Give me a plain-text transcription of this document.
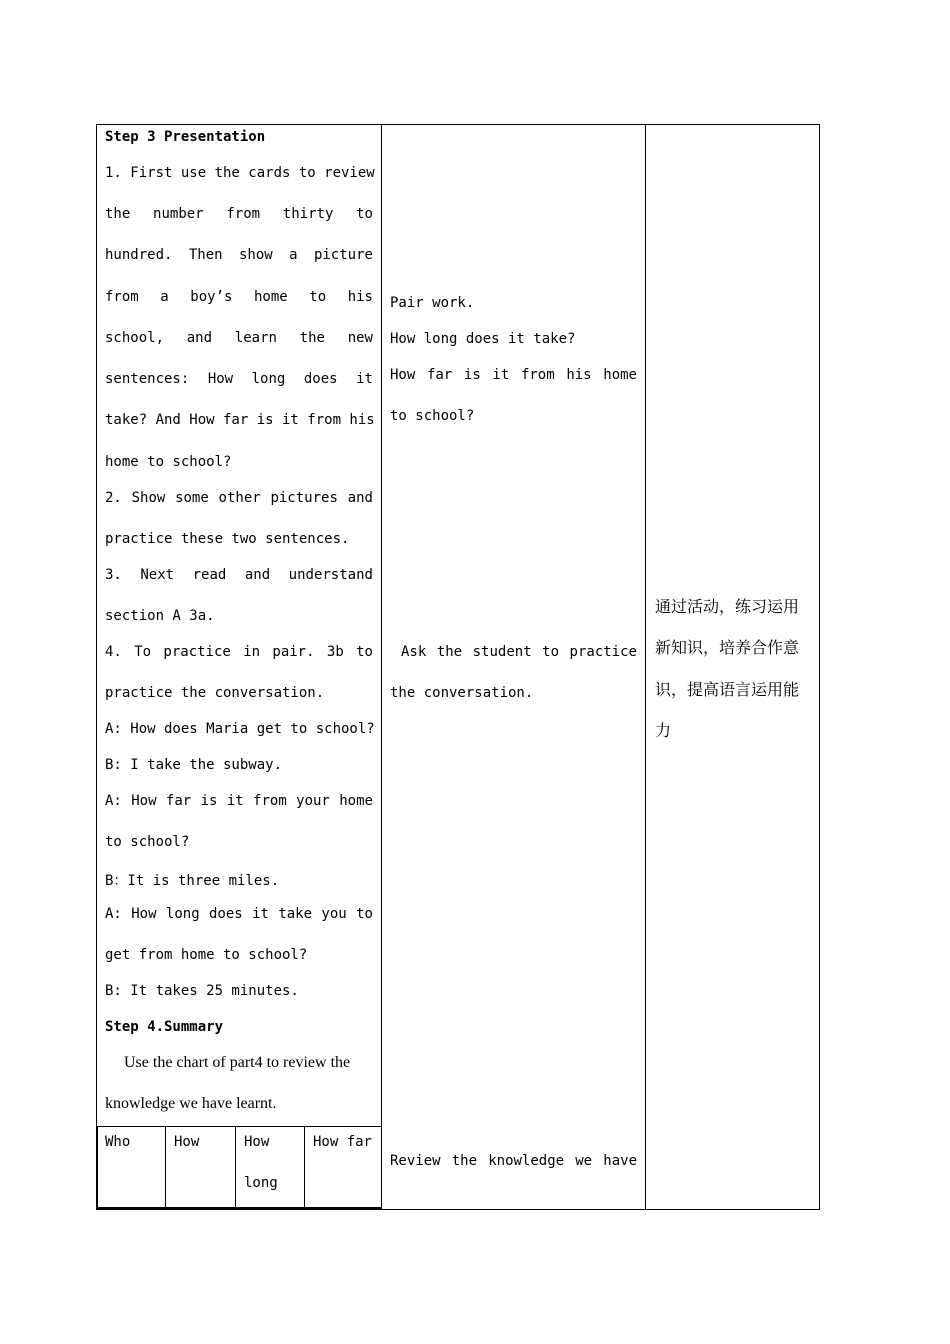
Step 3 Presentation
1. First use the cards to review
the number from thirty to
hundred. Then show a picture
from a boy’s home to his
school, and learn the new
sentences: How long does it
take? And How far is it from his
home to school?
2. Show some other pictures and
practice these two sentences.
3. Next read and understand
section A 3a.
4. To practice in pair. 3b to
practice the conversation.
A: How does Maria get to school?
B: I take the subway.
A: How far is it from your home
to school?
B：It is three miles.
A: How long does it take you to
get from home to school?
B: It takes 25 minutes.
Step 4.Summary
Use the chart of part4 to review the
knowledge we have learnt.
Who	How	How
long
How far
Pair work.
How long does it take?
How far is it from his home
to school?
Ask the student to practice
the conversation.
Review the knowledge we have
通过活动，练习运用
新知识，培养合作意
识，提高语言运用能
力
